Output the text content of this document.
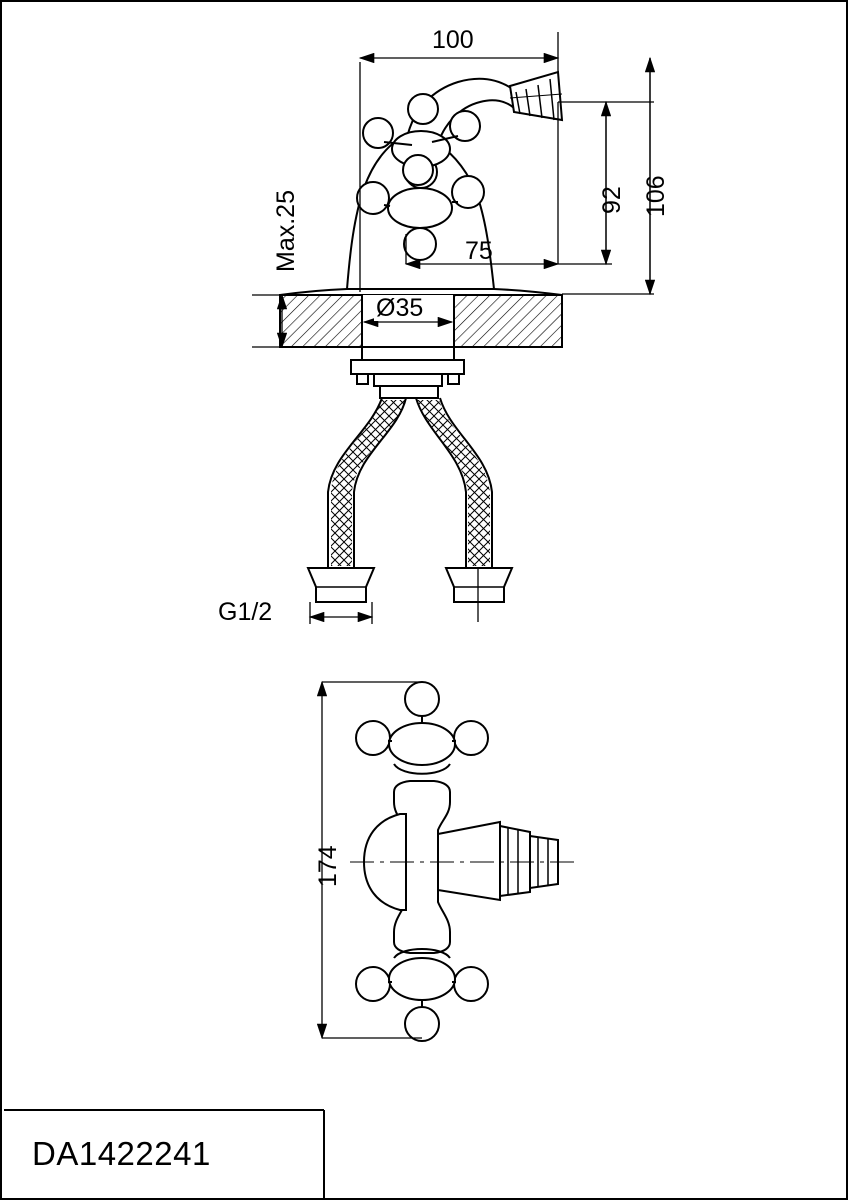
100
106
92
75
Max.25
Ø35
G1/2
174
DA1422241
